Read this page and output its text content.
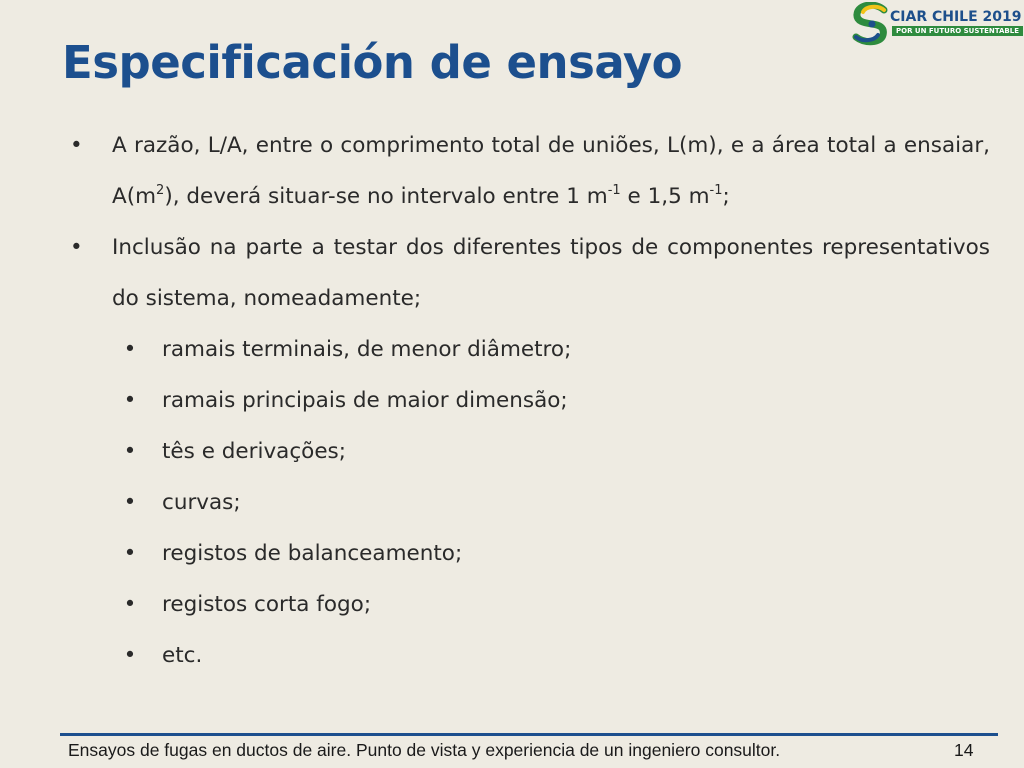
CIAR CHILE 2019
POR UN FUTURO SUSTENTABLE
Especificación de ensayo
•	A razão, L/A, entre o comprimento total de uniões, L(m), e a área total a ensaiar, $A(m^2)$, deverá situar-se no intervalo entre 1 $m^{-1}$ e 1,5 $m^{-1}$;
•	Inclusão na parte a testar dos diferentes tipos de componentes representativos do sistema, nomeadamente;
• ramais terminais, de menor diâmetro;
• ramais principais de maior dimensão;
• tês e derivações;
• curvas;
• registos de balanceamento;
• registos corta fogo;
• etc.
Ensayos de fugas en ductos de aire. Punto de vista y experiencia de un ingeniero consultor.	14
